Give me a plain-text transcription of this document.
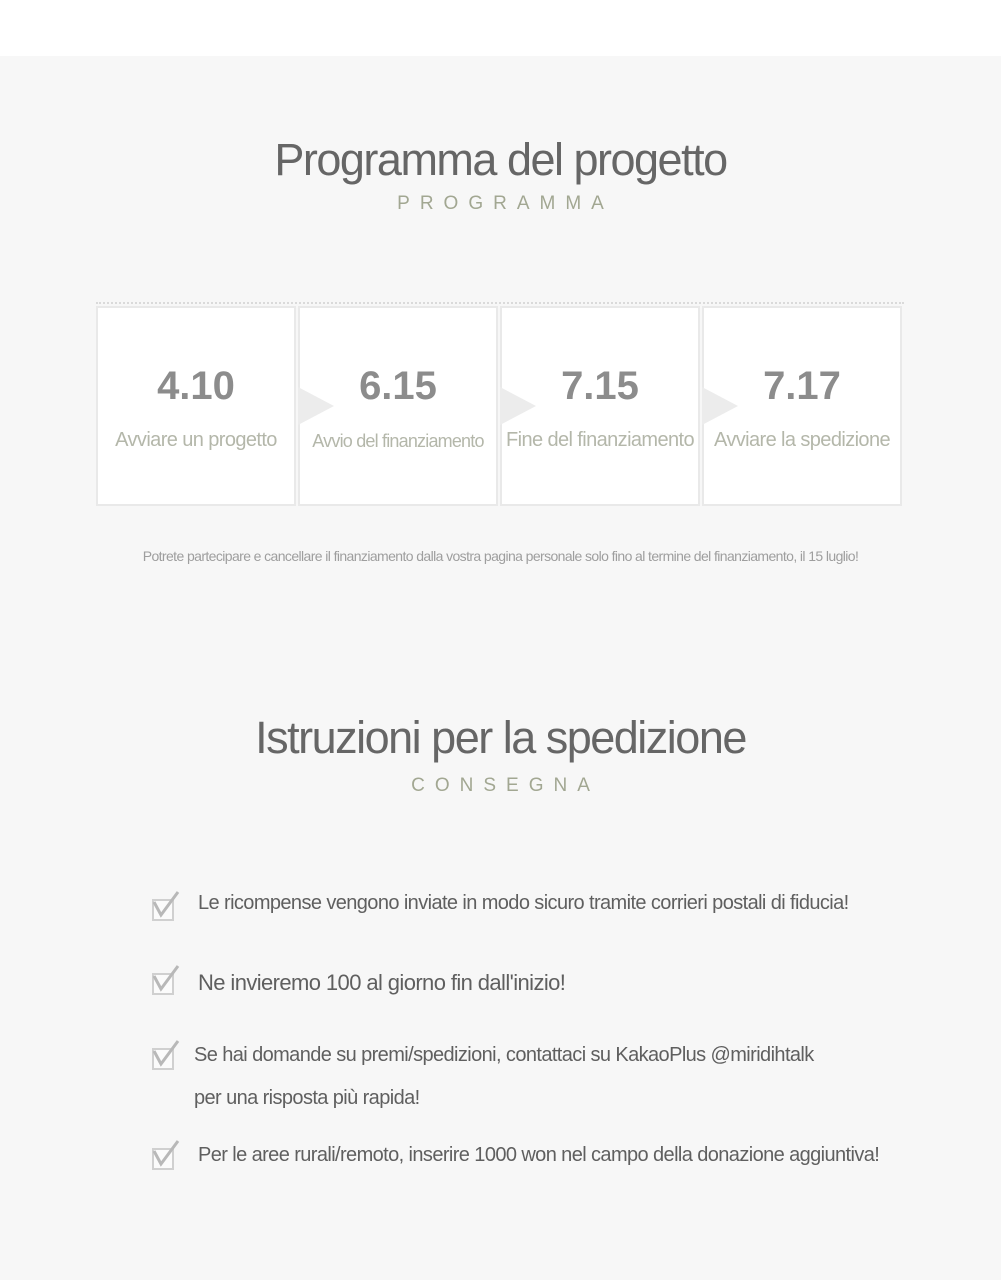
Programma del progetto
PROGRAMMA
4.10
Avviare un progetto
6.15
Avvio del finanziamento
7.15
Fine del finanziamento
7.17
Avviare la spedizione
Potrete partecipare e cancellare il finanziamento dalla vostra pagina personale solo fino al termine del finanziamento, il 15 luglio!
Istruzioni per la spedizione
CONSEGNA
Le ricompense vengono inviate in modo sicuro tramite corrieri postali di fiducia!
Ne invieremo 100 al giorno fin dall'inizio!
Se hai domande su premi/spedizioni, contattaci su KakaoPlus @miridihtalk
per una risposta più rapida!
Per le aree rurali/remoto, inserire 1000 won nel campo della donazione aggiuntiva!
